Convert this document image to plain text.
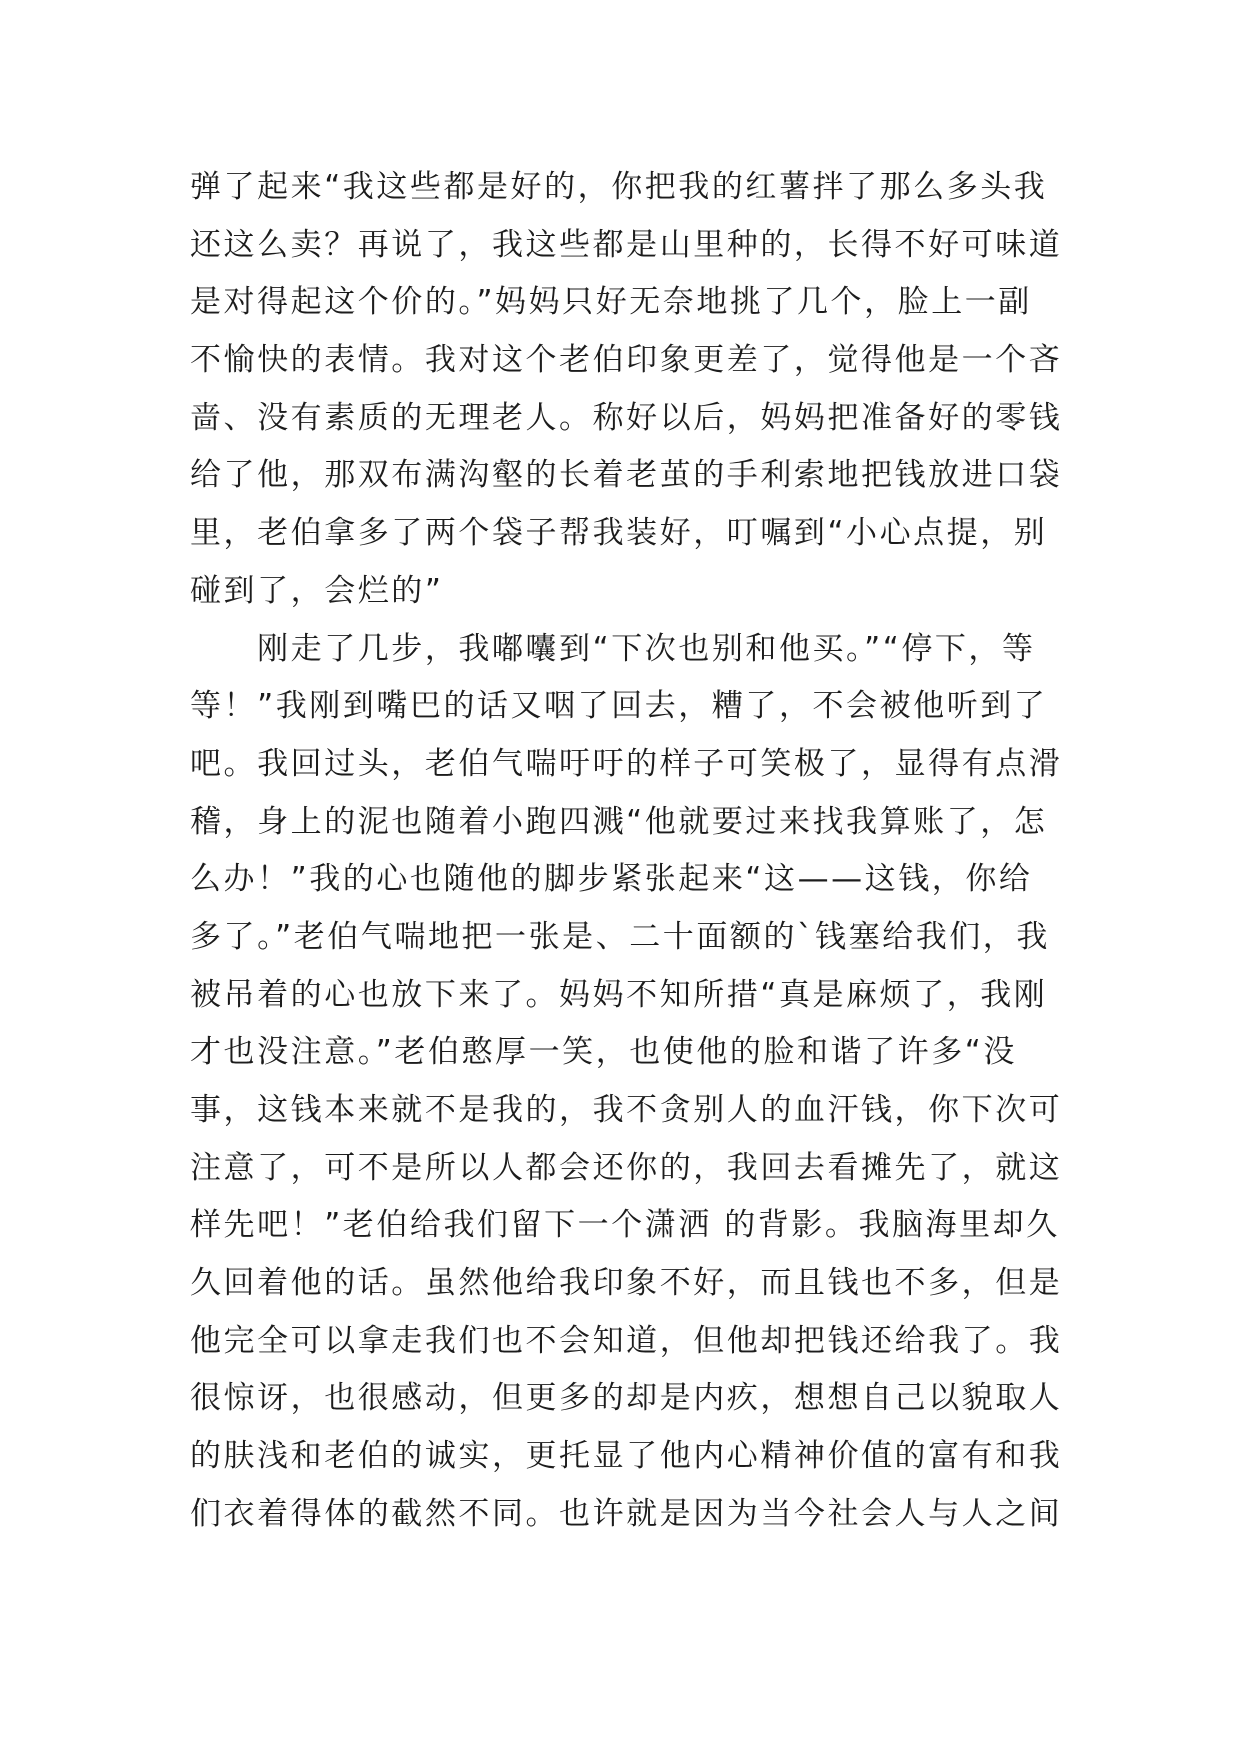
弹了起来“我这些都是好的，你把我的红薯拌了那么多头我
还这么卖？再说了，我这些都是山里种的，长得不好可味道
是对得起这个价的。”妈妈只好无奈地挑了几个，脸上一副
不愉快的表情。我对这个老伯印象更差了，觉得他是一个吝
啬、没有素质的无理老人。称好以后，妈妈把准备好的零钱
给了他，那双布满沟壑的长着老茧的手利索地把钱放进口袋
里，老伯拿多了两个袋子帮我装好，叮嘱到“小心点提，别
碰到了，会烂的”
　　刚走了几步，我嘟囔到“下次也别和他买。”“停下，等
等！”我刚到嘴巴的话又咽了回去，糟了，不会被他听到了
吧。我回过头，老伯气喘吁吁的样子可笑极了，显得有点滑
稽，身上的泥也随着小跑四溅“他就要过来找我算账了，怎
么办！”我的心也随他的脚步紧张起来“这——这钱，你给
多了。”老伯气喘地把一张是、二十面额的`钱塞给我们，我
被吊着的心也放下来了。妈妈不知所措“真是麻烦了，我刚
才也没注意。”老伯憨厚一笑，也使他的脸和谐了许多“没
事，这钱本来就不是我的，我不贪别人的血汗钱，你下次可
注意了，可不是所以人都会还你的，我回去看摊先了，就这
样先吧！”老伯给我们留下一个潇洒 的背影。我脑海里却久
久回着他的话。虽然他给我印象不好，而且钱也不多，但是
他完全可以拿走我们也不会知道，但他却把钱还给我了。我
很惊讶，也很感动，但更多的却是内疚，想想自己以貌取人
的肤浅和老伯的诚实，更托显了他内心精神价值的富有和我
们衣着得体的截然不同。也许就是因为当今社会人与人之间
